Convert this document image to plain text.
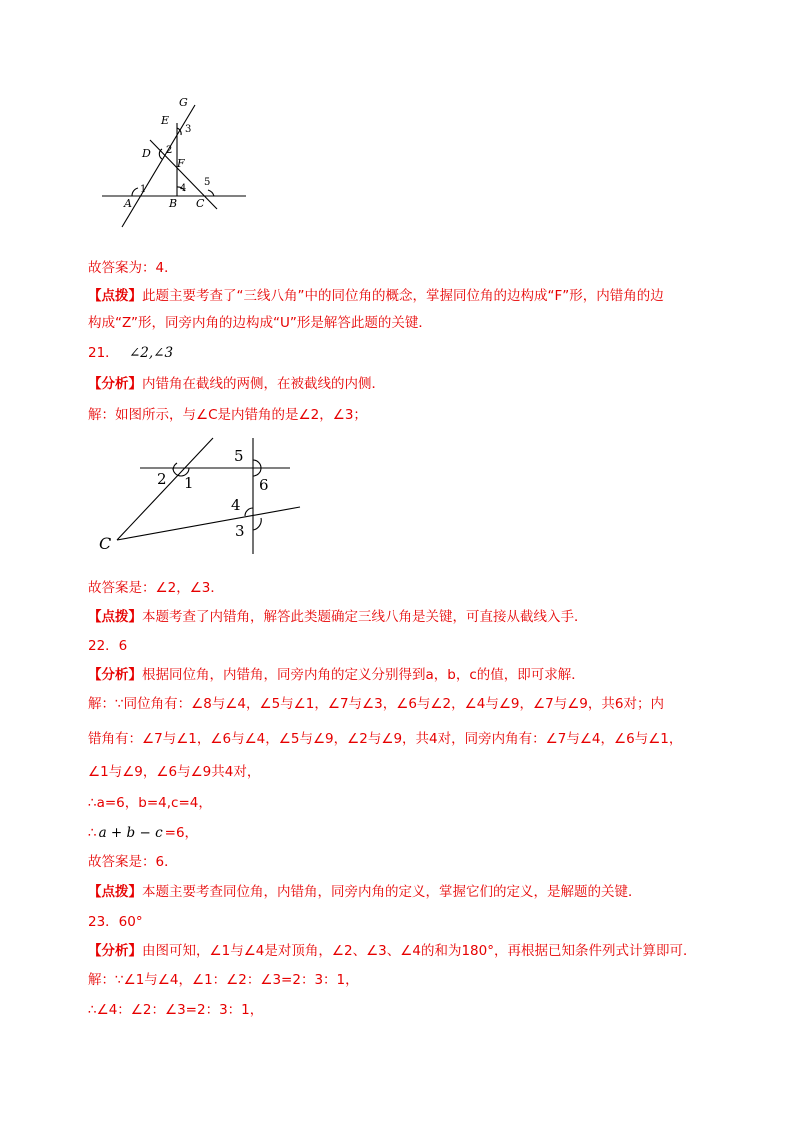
G
E
D
F
A	B C
1
2
3
4
5
故答案为：4．
【点拨】此题主要考查了“三线八角”中的同位角的概念，掌握同位角的边构成“F”形，内错角的边
构成“Z”形，同旁内角的边构成“U”形是解答此题的关键．
21． ∠2,∠3
【分析】内错角在截线的两侧，在被截线的内侧．
解：如图所示，与∠C是内错角的是∠2，∠3；
1
2
3
4
5
6
C
故答案是：∠2，∠3．
【点拨】本题考查了内错角，解答此类题确定三线八角是关键，可直接从截线入手．
22．6
【分析】根据同位角，内错角，同旁内角的定义分别得到a，b，c的值，即可求解．
解：∵同位角有：∠8与∠4，∠5与∠1，∠7与∠3，∠6与∠2，∠4与∠9，∠7与∠9，共6对；内
错角有：∠7与∠1，∠6与∠4，∠5与∠9，∠2与∠9，共4对，同旁内角有：∠7与∠4，∠6与∠1，
∠1与∠9，∠6与∠9共4对，
∴a=6，b=4,c=4，
∴ a + b − c =6，
故答案是：6．
【点拨】本题主要考查同位角，内错角，同旁内角的定义，掌握它们的定义，是解题的关键．
23．60°
【分析】由图可知，∠1与∠4是对顶角，∠2、∠3、∠4的和为180°，再根据已知条件列式计算即可．
解：∵∠1与∠4，∠1：∠2：∠3=2：3：1，
∴∠4：∠2：∠3=2：3：1，
